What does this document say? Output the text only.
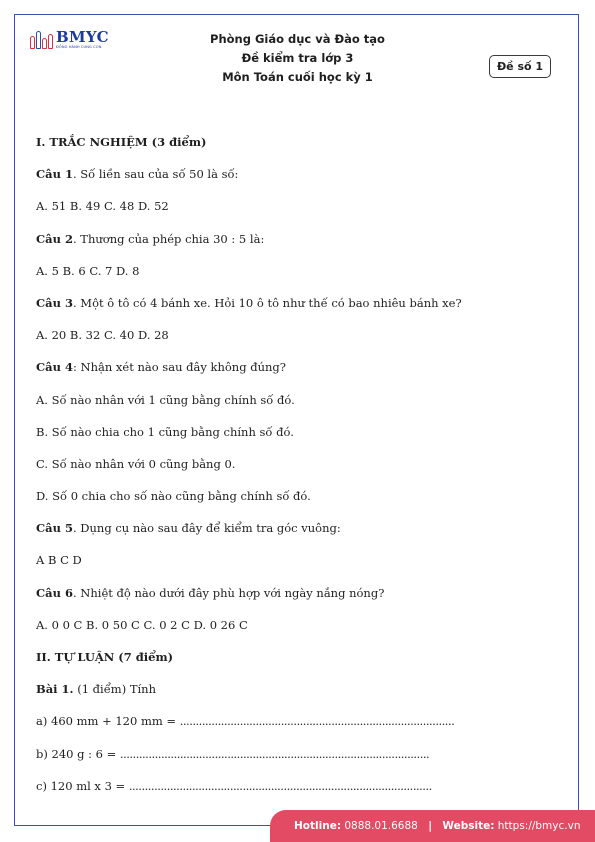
BMYC
ĐỒNG HÀNH CÙNG CON
Phòng Giáo dục và Đào tạo
Đề kiểm tra lớp 3
Môn Toán cuối học kỳ 1
Đề số 1
I. TRẮC NGHIỆM (3 điểm)
Câu 1. Số liền sau của số 50 là số:
A. 51 B. 49 C. 48 D. 52
Câu 2. Thương của phép chia 30 : 5 là:
A. 5 B. 6 C. 7 D. 8
Câu 3. Một ô tô có 4 bánh xe. Hỏi 10 ô tô như thế có bao nhiêu bánh xe?
A. 20 B. 32 C. 40 D. 28
Câu 4: Nhận xét nào sau đây không đúng?
A. Số nào nhân với 1 cũng bằng chính số đó.
B. Số nào chia cho 1 cũng bằng chính số đó.
C. Số nào nhân với 0 cũng bằng 0.
D. Số 0 chia cho số nào cũng bằng chính số đó.
Câu 5. Dụng cụ nào sau đây để kiểm tra góc vuông:
A B C D
Câu 6. Nhiệt độ nào dưới đây phù hợp với ngày nắng nóng?
A. 0 0 C B. 0 50 C C. 0 2 C D. 0 26 C
II. TỰ LUẬN (7 điểm)
Bài 1. (1 điểm) Tính
a) 460 mm + 120 mm = .......................................................................................
b) 240 g : 6 = ..................................................................................................
c) 120 ml x 3 = ................................................................................................
Hotline: 0888.01.6688 | Website: https://bmyc.vn
